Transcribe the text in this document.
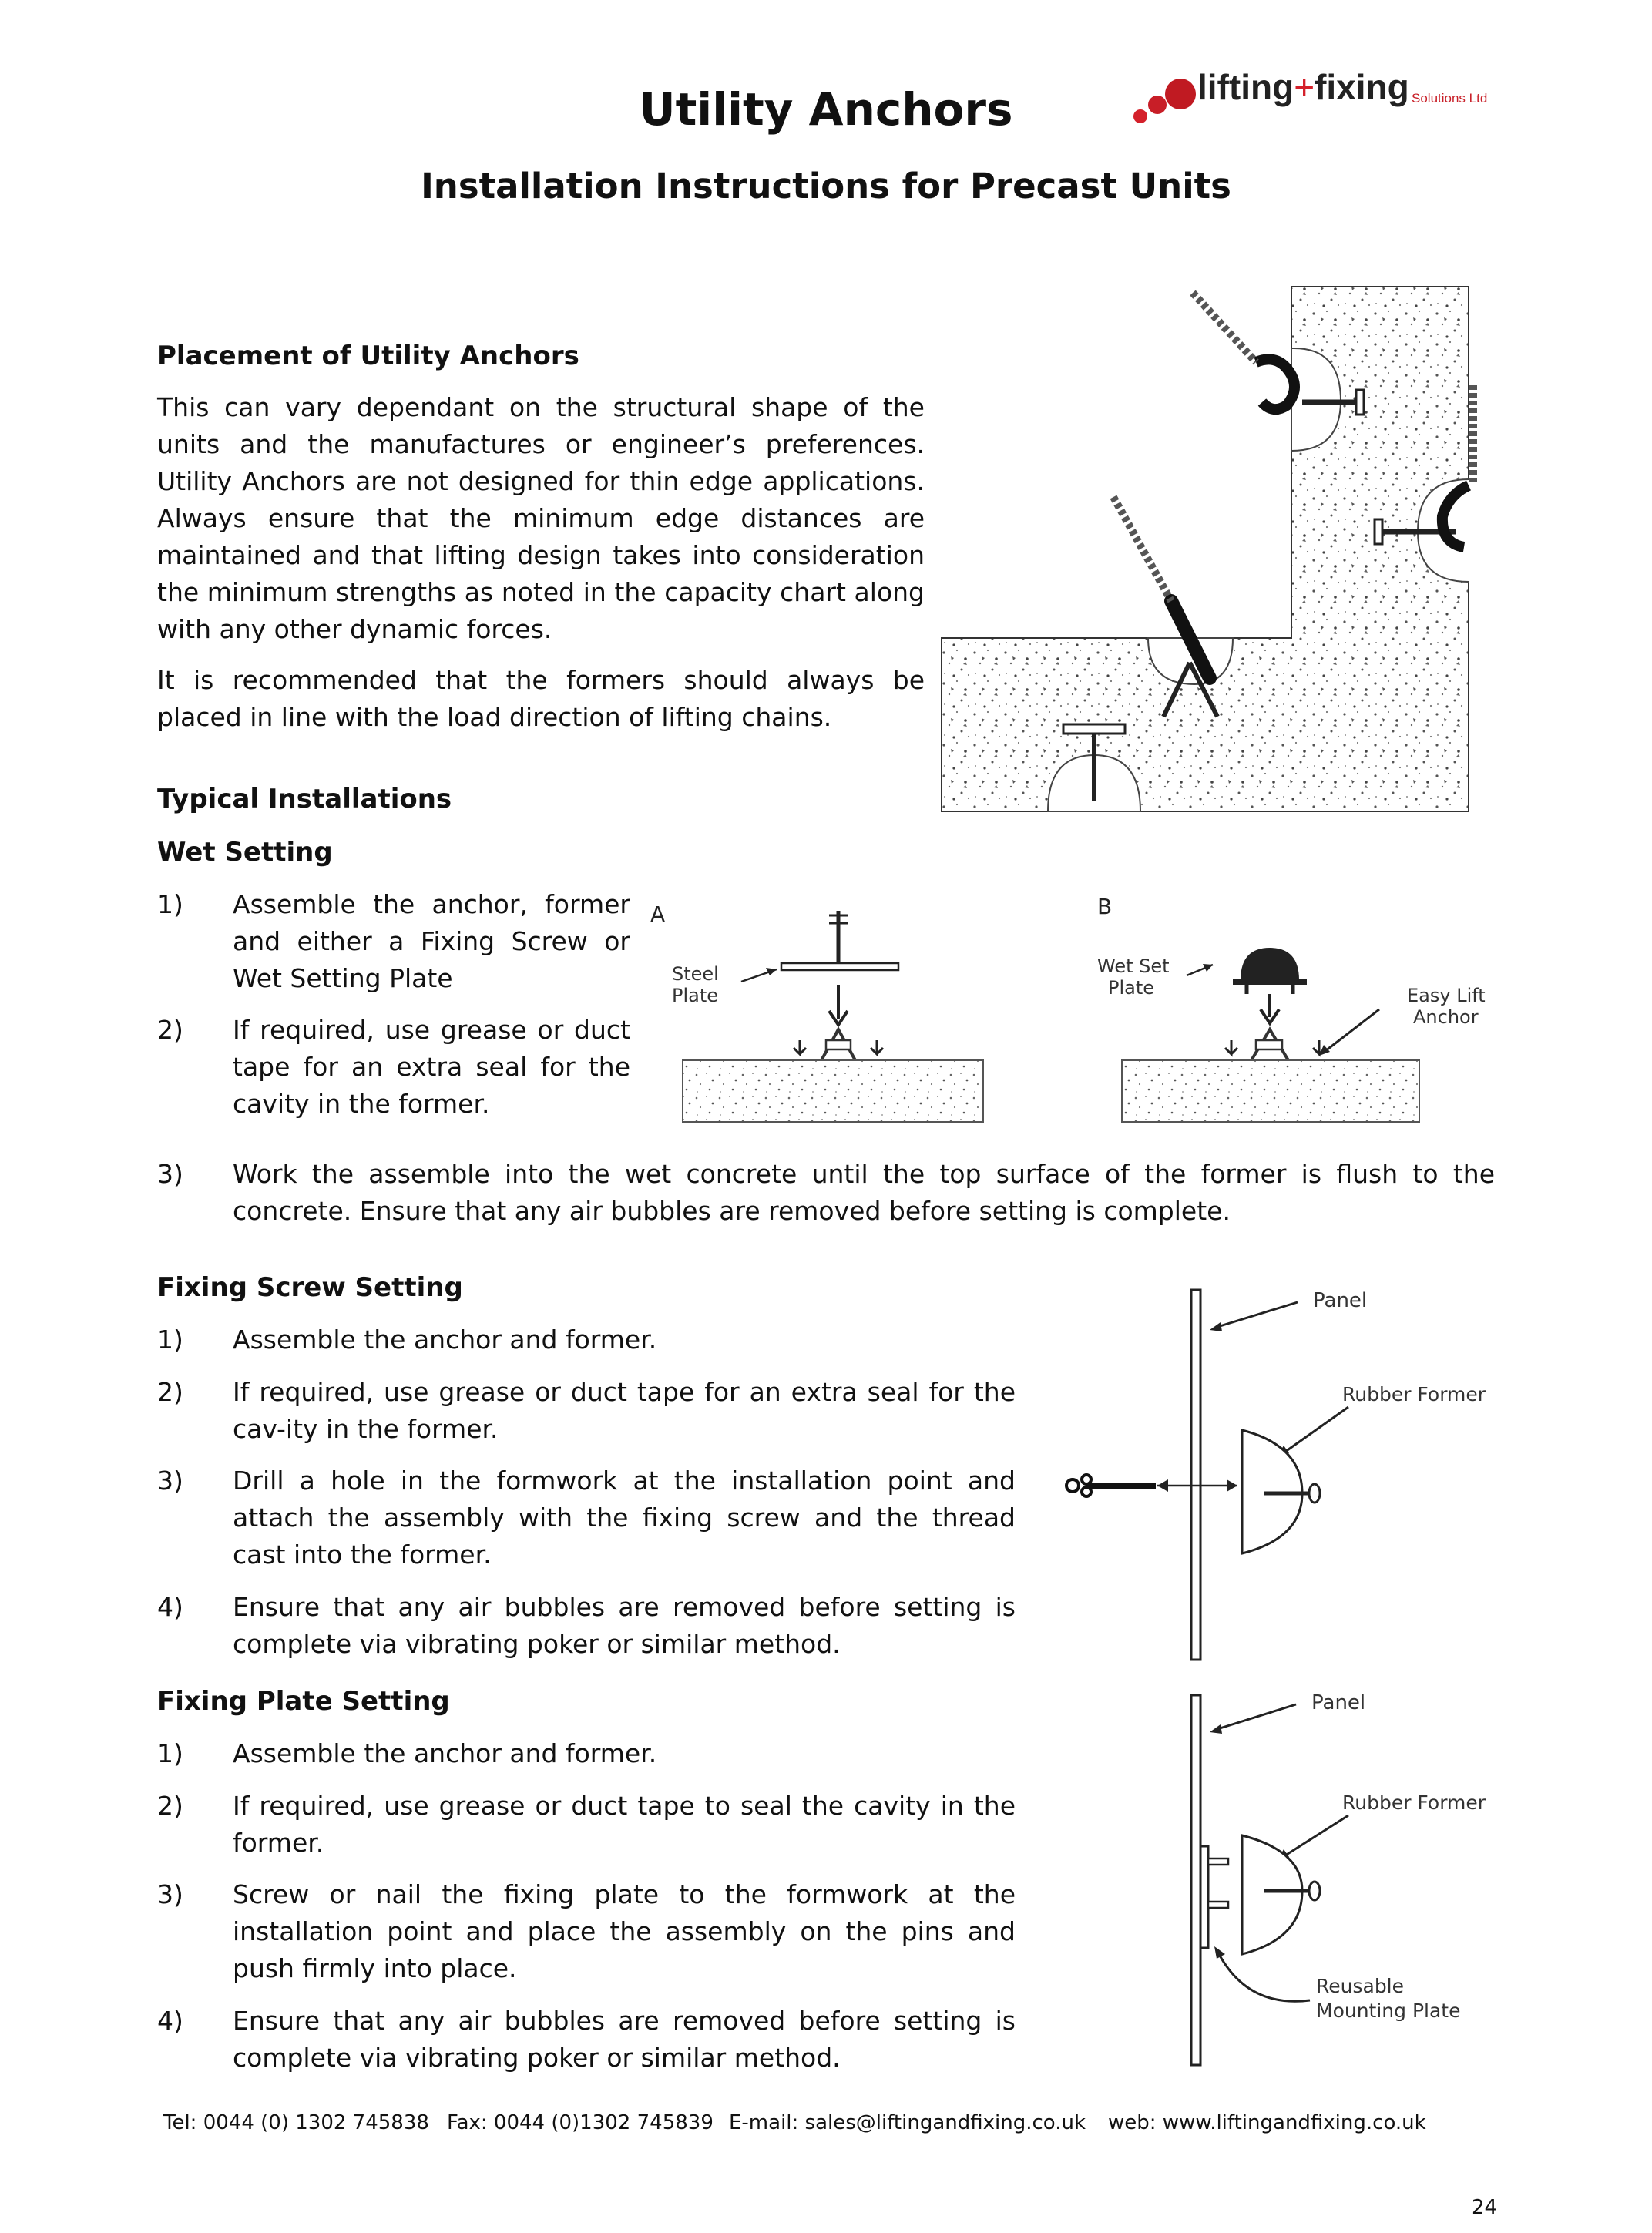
Utility Anchors
Installation Instructions for Precast Units
lifting+fixing Solutions Ltd
Placement of Utility Anchors
This can vary dependant on the structural shape of the units and the manufactures or engineer’s preferences. Utility Anchors are not designed for thin edge applications. Always ensure that the minimum edge distances are maintained and that lifting design takes into consideration the minimum strengths as noted in the capacity chart along with any other dynamic forces.
It is recommended that the formers should always be placed in line with the load direction of lifting chains.
Typical Installations
Wet Setting
1) Assemble the anchor, former and either a Fixing Screw or Wet Setting Plate
2) If required, use grease or duct tape for an extra seal for the cavity in the former.
3) Work the assemble into the wet concrete until the top surface of the former is flush to the concrete. Ensure that any air bubbles are removed before setting is complete.
A	B
Steel
Plate
Wet Set
Plate	Easy Lift
Anchor
Fixing Screw Setting
1) Assemble the anchor and former.
2) If required, use grease or duct tape for an extra seal for the cav-ity in the former.
3) Drill a hole in the formwork at the installation point and attach the assembly with the fixing screw and the thread cast into the former.
4) Ensure that any air bubbles are removed before setting is complete via vibrating poker or similar method.
Panel
Rubber Former
Fixing Plate Setting
1) Assemble the anchor and former.
2) If required, use grease or duct tape to seal the cavity in the former.
3) Screw or nail the fixing plate to the formwork at the installation point and place the assembly on the pins and push firmly into place.
4) Ensure that any air bubbles are removed before setting is complete via vibrating poker or similar method.
Panel
Rubber Former
Reusable
Mounting Plate
Tel: 0044 (0) 1302 745838 Fax: 0044 (0)1302 745839 E-mail: sales@liftingandfixing.co.uk web: www.liftingandfixing.co.uk
24
